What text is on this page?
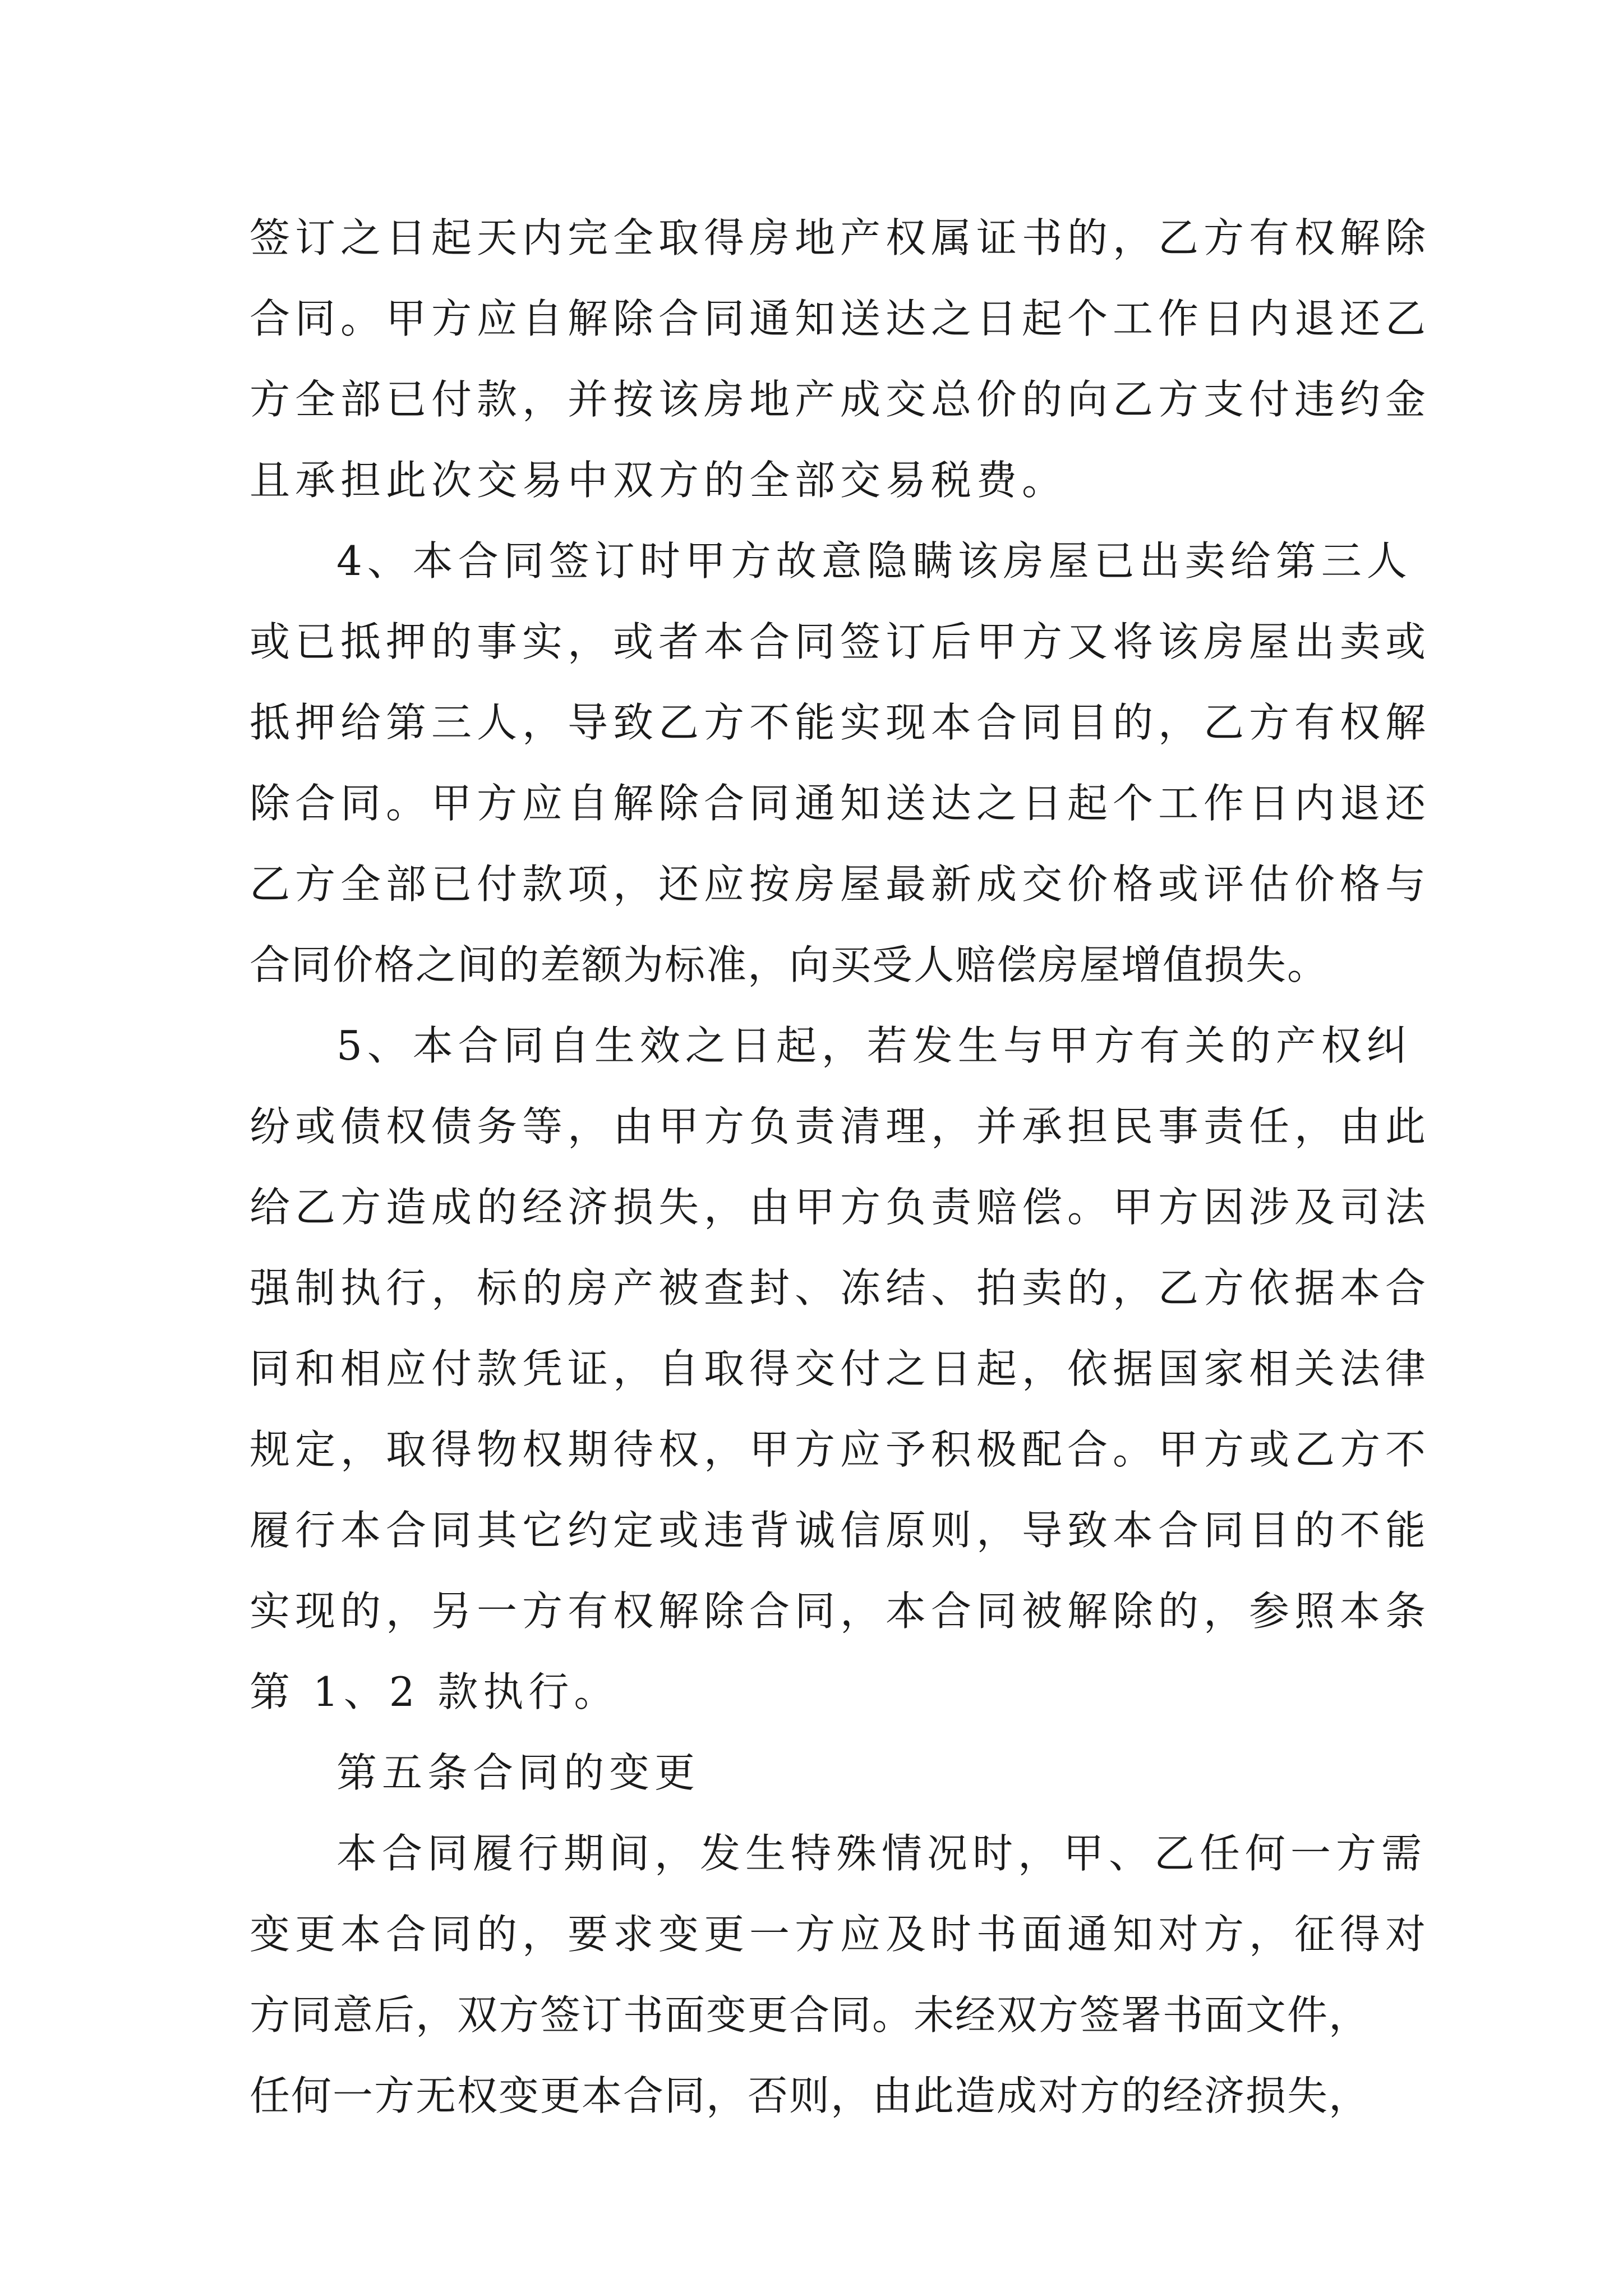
签订之日起天内完全取得房地产权属证书的，乙方有权解除
合同。甲方应自解除合同通知送达之日起个工作日内退还乙
方全部已付款，并按该房地产成交总价的向乙方支付违约金
且承担此次交易中双方的全部交易税费。
4、本合同签订时甲方故意隐瞒该房屋已出卖给第三人
或已抵押的事实，或者本合同签订后甲方又将该房屋出卖或
抵押给第三人，导致乙方不能实现本合同目的，乙方有权解
除合同。甲方应自解除合同通知送达之日起个工作日内退还
乙方全部已付款项，还应按房屋最新成交价格或评估价格与
合同价格之间的差额为标准，向买受人赔偿房屋增值损失。
5、本合同自生效之日起，若发生与甲方有关的产权纠
纷或债权债务等，由甲方负责清理，并承担民事责任，由此
给乙方造成的经济损失，由甲方负责赔偿。甲方因涉及司法
强制执行，标的房产被查封、冻结、拍卖的，乙方依据本合
同和相应付款凭证，自取得交付之日起，依据国家相关法律
规定，取得物权期待权，甲方应予积极配合。甲方或乙方不
履行本合同其它约定或违背诚信原则，导致本合同目的不能
实现的，另一方有权解除合同，本合同被解除的，参照本条
第 1、2 款执行。
第五条合同的变更
本合同履行期间，发生特殊情况时，甲、乙任何一方需
变更本合同的，要求变更一方应及时书面通知对方，征得对
方同意后，双方签订书面变更合同。未经双方签署书面文件，
任何一方无权变更本合同，否则，由此造成对方的经济损失，
